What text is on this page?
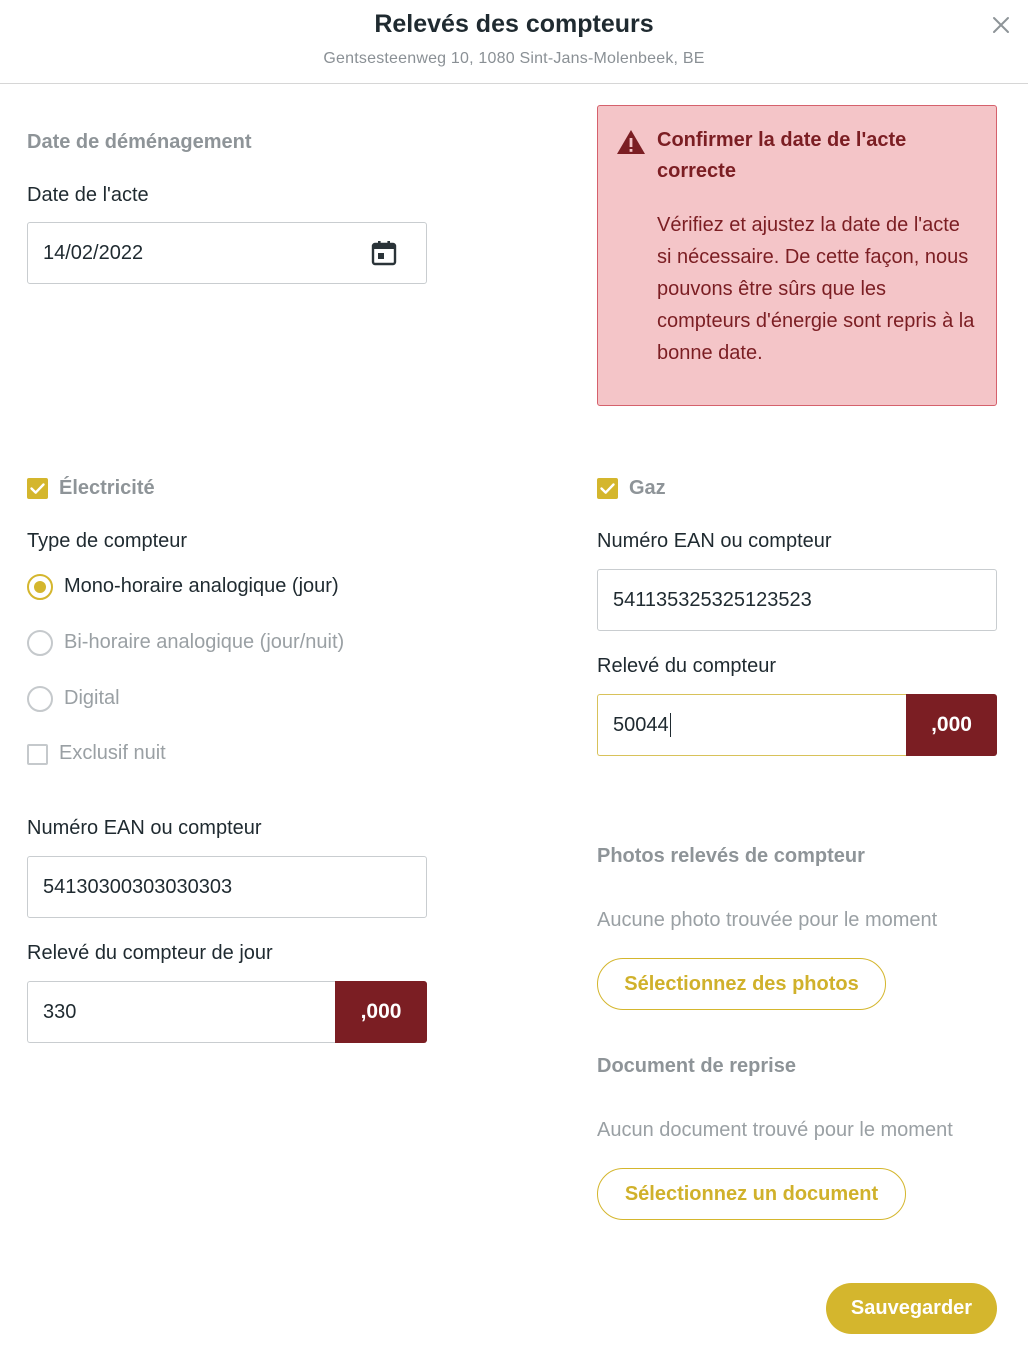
Relevés des compteurs
Gentsesteenweg 10, 1080 Sint-Jans-Molenbeek, BE
Date de déménagement
Date de l'acte
14/02/2022
Confirmer la date de l'acte correcte
Vérifiez et ajustez la date de l'acte si nécessaire. De cette façon, nous pouvons être sûrs que les compteurs d'énergie sont repris à la bonne date.
Électricité
Type de compteur
Mono-horaire analogique (jour)
Bi-horaire analogique (jour/nuit)
Digital
Exclusif nuit
Numéro EAN ou compteur
54130300303030303
Relevé du compteur de jour
330	,000
Gaz
Numéro EAN ou compteur
541135325325123523
Relevé du compteur
50044	,000
Photos relevés de compteur
Aucune photo trouvée pour le moment
Sélectionnez des photos
Document de reprise
Aucun document trouvé pour le moment
Sélectionnez un document
Sauvegarder
